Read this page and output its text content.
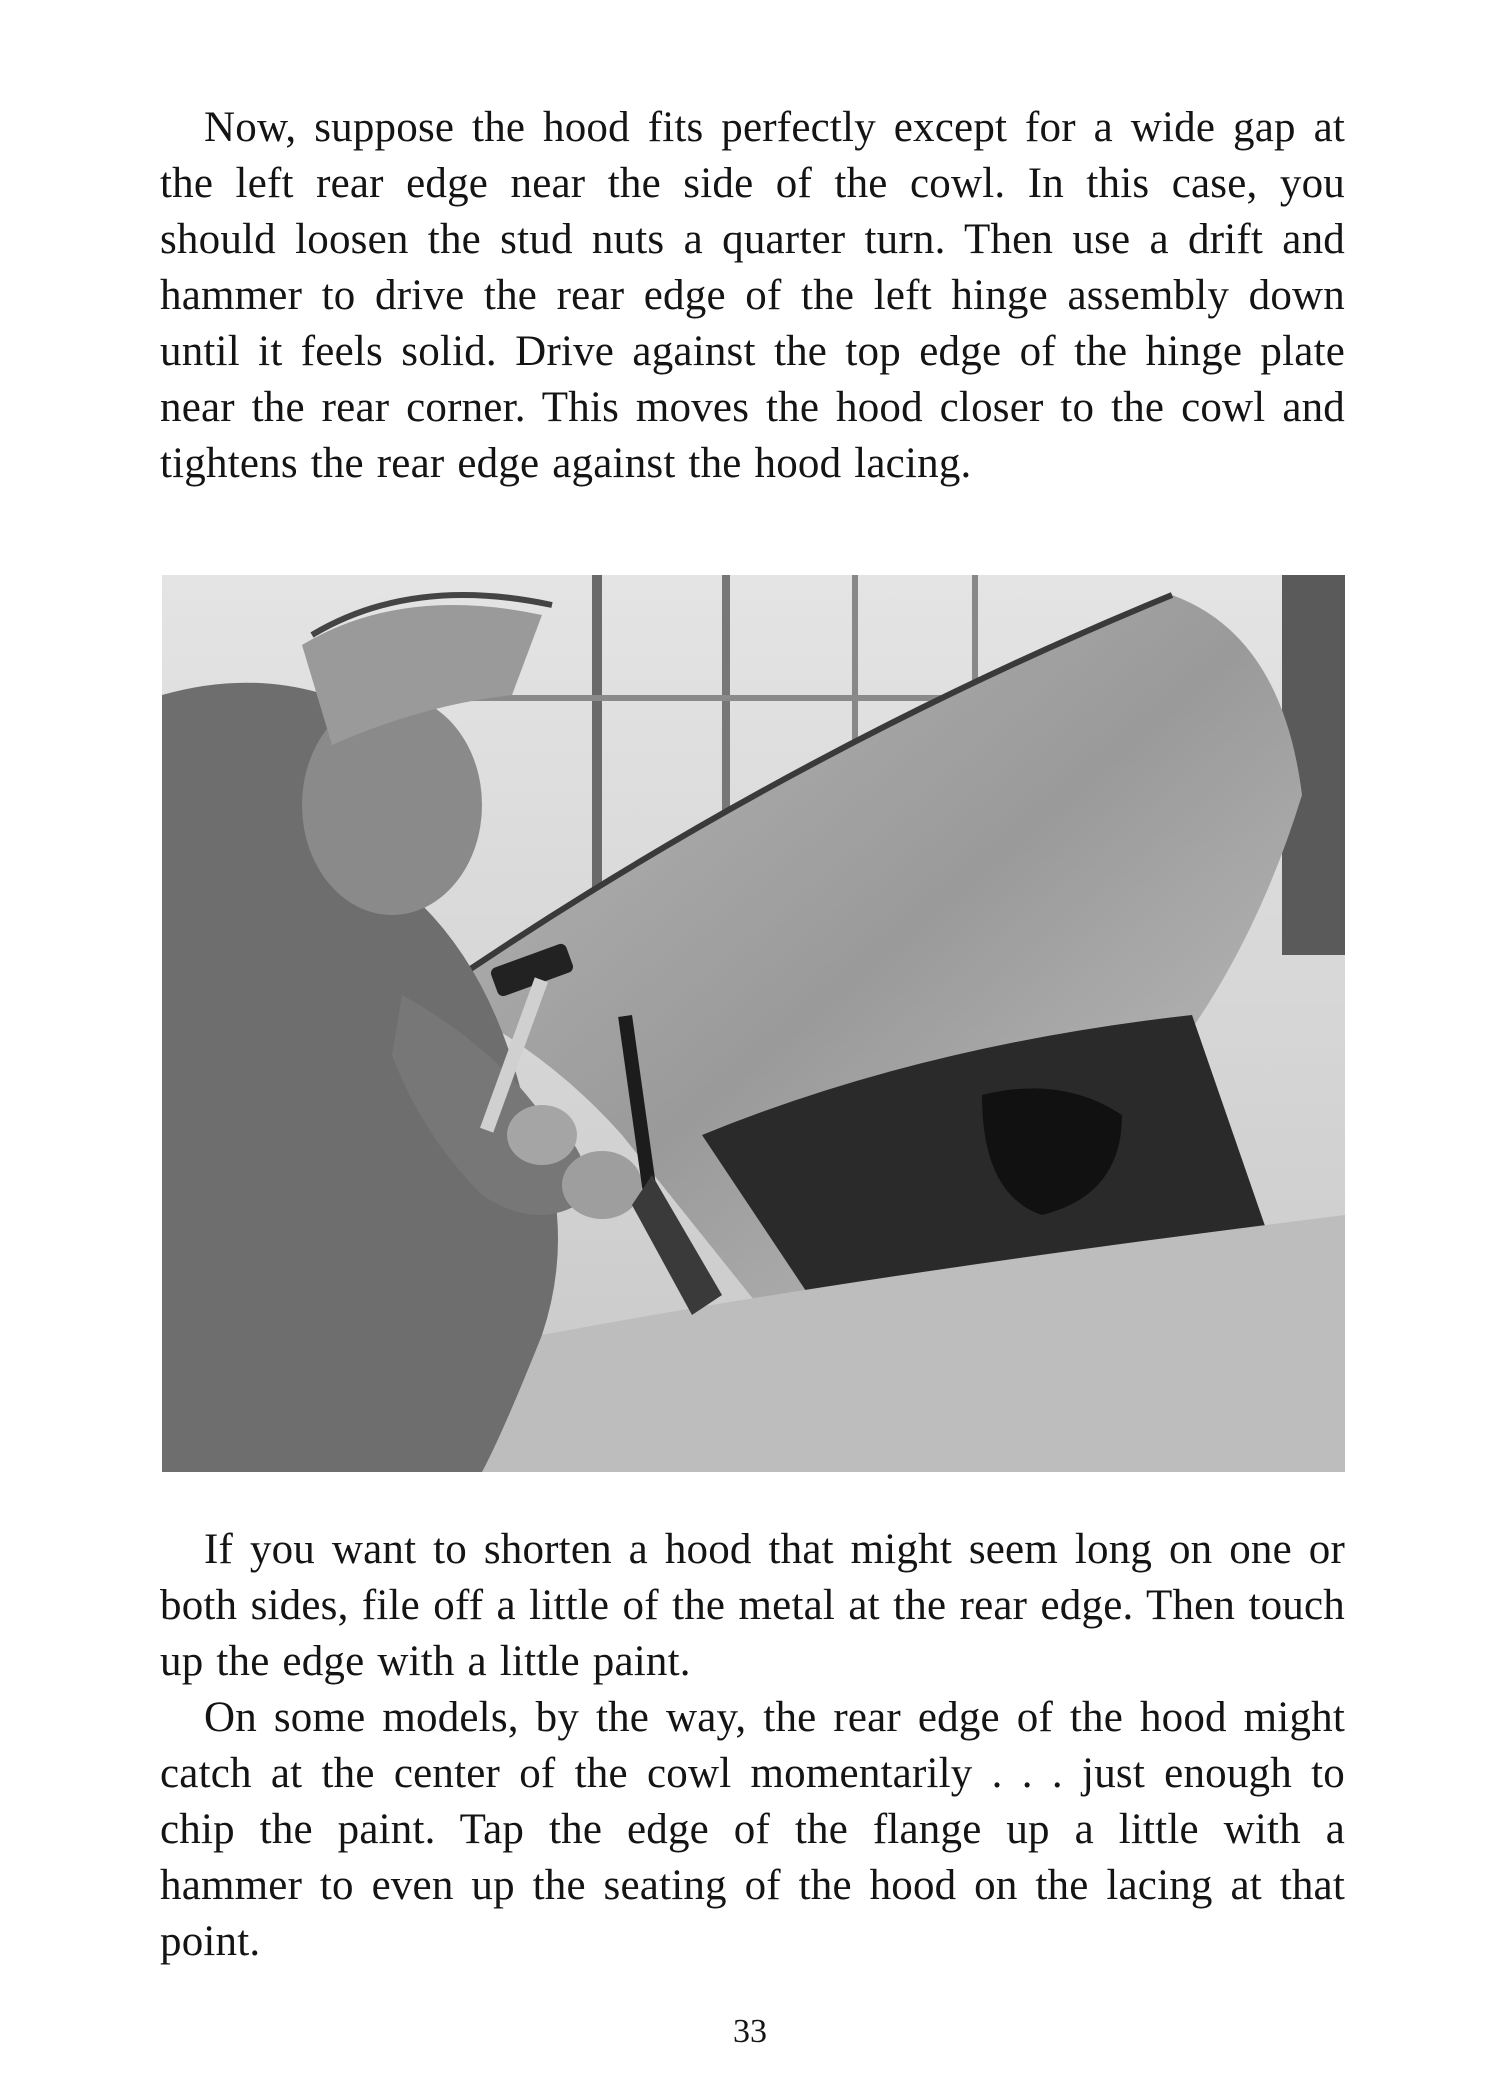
Now, suppose the hood fits perfectly except for a wide gap at the left rear edge near the side of the cowl. In this case, you should loosen the stud nuts a quarter turn. Then use a drift and hammer to drive the rear edge of the left hinge assembly down until it feels solid. Drive against the top edge of the hinge plate near the rear corner. This moves the hood closer to the cowl and tightens the rear edge against the hood lacing.

If you want to shorten a hood that might seem long on one or both sides, file off a little of the metal at the rear edge. Then touch up the edge with a little paint.

On some models, by the way, the rear edge of the hood might catch at the center of the cowl momentarily . . . just enough to chip the paint. Tap the edge of the flange up a little with a hammer to even up the seating of the hood on the lacing at that point.

33
